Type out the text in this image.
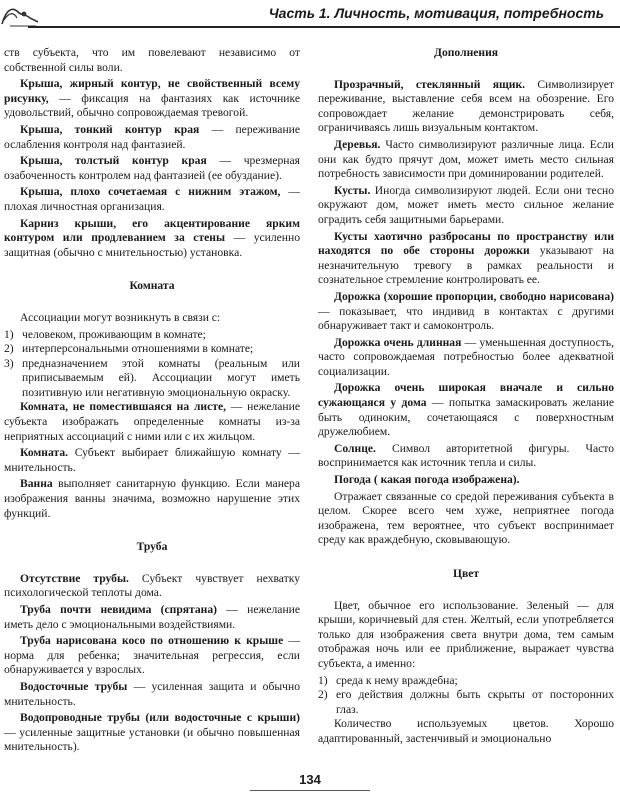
Часть 1. Личность, мотивация, потребность

ств субъекта, что им повелевают независимо от собственной силы воли.

Крыша, жирный контур, не свойственный всему рисунку, — фиксация на фантазиях как источнике удовольствий, обычно сопровождаемая тревогой.

Крыша, тонкий контур края — переживание ослабления контроля над фантазией.

Крыша, толстый контур края — чрезмерная озабоченность контролем над фантазией (ее обуздание).

Крыша, плохо сочетаемая с нижним этажом, — плохая личностная организация.

Карниз крыши, его акцентирование ярким контуром или продлеванием за стены — усиленно защитная (обычно с мнительностью) установка.

Комната

Ассоциации могут возникнуть в связи с:

1) человеком, проживающим в комнате;
2) интерперсональными отношениями в комнате;
3) предназначением этой комнаты (реальным или приписываемым ей). Ассоциации могут иметь позитивную или негативную эмоциональную окраску.

Комната, не поместившаяся на листе, — нежелание субъекта изображать определенные комнаты из-за неприятных ассоциаций с ними или с их жильцом.

Комната. Субъект выбирает ближайшую комнату — мнительность.

Ванна выполняет санитарную функцию. Если манера изображения ванны значима, возможно нарушение этих функций.

Труба

Отсутствие трубы. Субъект чувствует нехватку психологической теплоты дома.

Труба почти невидима (спрятана) — нежелание иметь дело с эмоциональными воздействиями.

Труба нарисована косо по отношению к крыше — норма для ребенка; значительная регрессия, если обнаруживается у взрослых.

Водосточные трубы — усиленная защита и обычно мнительность.

Водопроводные трубы (или водосточные с крыши) — усиленные защитные установки (и обычно повышенная мнительность).

Дополнения

Прозрачный, стеклянный ящик. Символизирует переживание, выставление себя всем на обозрение. Его сопровождает желание демонстрировать себя, ограничиваясь лишь визуальным контактом.

Деревья. Часто символизируют различные лица. Если они как будто прячут дом, может иметь место сильная потребность зависимости при доминировании родителей.

Кусты. Иногда символизируют людей. Если они тесно окружают дом, может иметь место сильное желание оградить себя защитными барьерами.

Кусты хаотично разбросаны по пространству или находятся по обе стороны дорожки указывают на незначительную тревогу в рамках реальности и сознательное стремление контролировать ее.

Дорожка (хорошие пропорции, свободно нарисована) — показывает, что индивид в контактах с другими обнаруживает такт и самоконтроль.

Дорожка очень длинная — уменьшенная доступность, часто сопровождаемая потребностью более адекватной социализации.

Дорожка очень широкая вначале и сильно сужающаяся у дома — попытка замаскировать желание быть одиноким, сочетающаяся с поверхностным дружелюбием.

Солнце. Символ авторитетной фигуры. Часто воспринимается как источник тепла и силы.

Погода ( какая погода изображена).

Отражает связанные со средой переживания субъекта в целом. Скорее всего чем хуже, неприятнее погода изображена, тем вероятнее, что субъект воспринимает среду как враждебную, сковывающую.

Цвет

Цвет, обычное его использование. Зеленый — для крыши, коричневый для стен. Желтый, если употребляется только для изображения света внутри дома, тем самым отображая ночь или ее приближение, выражает чувства субъекта, а именно:

1) среда к нему враждебна;
2) его действия должны быть скрыты от посторонних глаз.

Количество используемых цветов. Хорошо адаптированный, застенчивый и эмоционально

134
